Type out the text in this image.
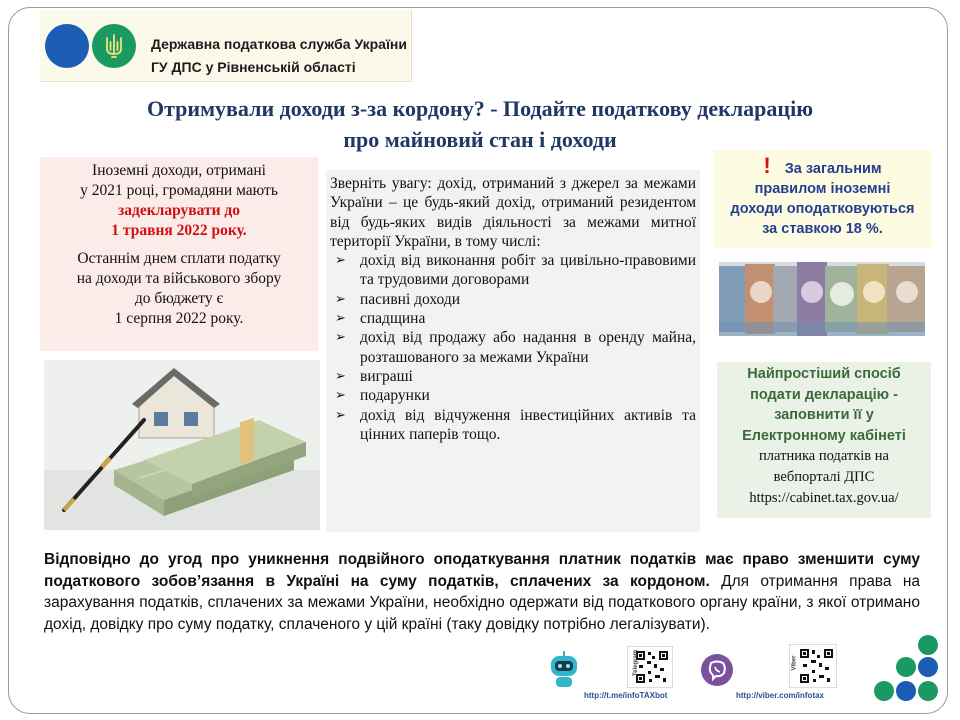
Державна податкова служба України
ГУ ДПС у Рівненській області
Отримували доходи з-за кордону? - Подайте податкову декларацію
про майновий стан і доходи

Іноземні доходи, отримані
у 2021 році, громадяни мають
задекларувати до
1 травня 2022 року.

Останнім днем сплати податку
на доходи та військового збору
до бюджету є
1 серпня 2022 року.

Зверніть увагу: дохід, отриманий з джерел за межами України – це будь-який дохід, отриманий резидентом від будь-яких видів діяльності за межами митної території України, в тому числі:
➢ дохід від виконання робіт за цивільно-правовими та трудовими договорами
➢ пасивні доходи
➢ спадщина
➢ дохід від продажу або надання в оренду майна, розташованого за межами України
➢ виграші
➢ подарунки
➢ дохід від відчуження інвестиційних активів та цінних паперів тощо.
! За загальним
правилом іноземні
доходи оподатковуються
за ставкою 18 %.
Найпростіший спосіб
подати декларацію -
заповнити її у
Електронному кабінеті
платника податків на
вебпорталі ДПС
https://cabinet.tax.gov.ua/
Відповідно до угод про уникнення подвійного оподаткування платник податків має право зменшити суму податкового зобов’язання в Україні на суму податків, сплачених за кордоном. Для отримання права на зарахування податків, сплачених за межами України, необхідно одержати від податкового органу країни, з якої отримано дохід, довідку про суму податку, сплаченого у цій країні (таку довідку потрібно легалізувати).
Telegram
http://t.me/infoTAXbot
Viber
http://viber.com/infotax
